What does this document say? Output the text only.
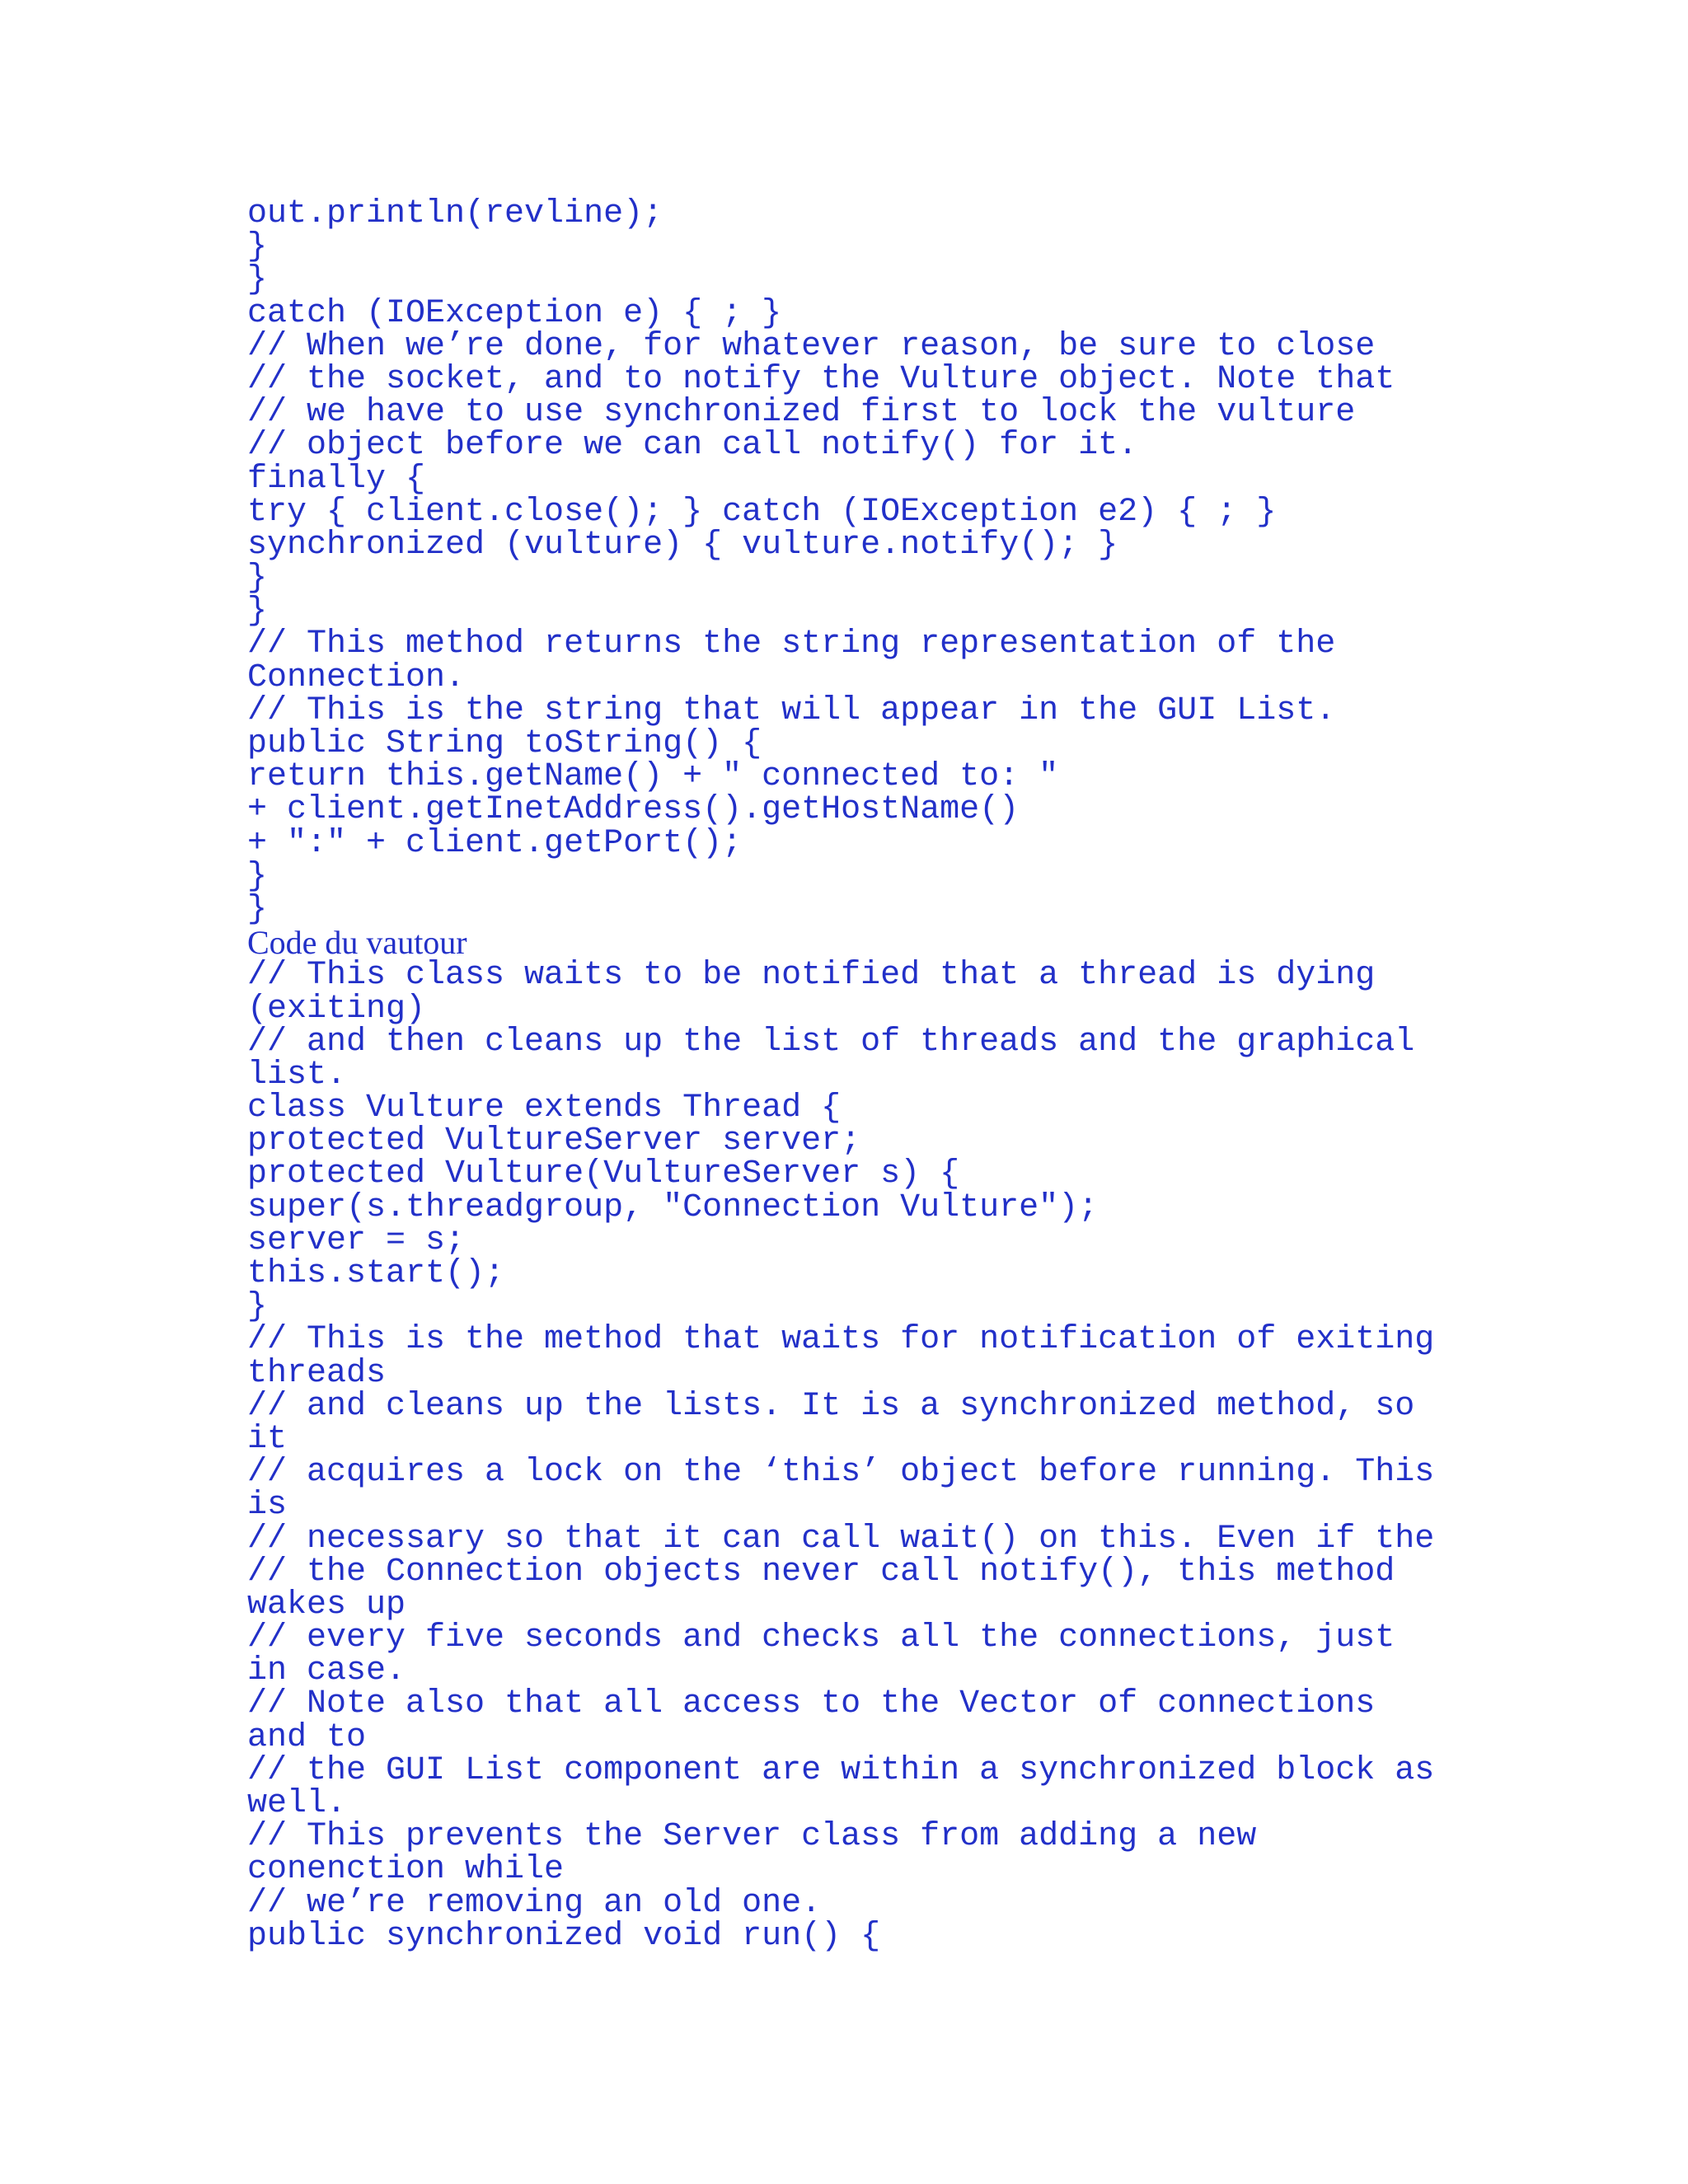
out.println(revline);
}
}
catch (IOException e) { ; }
// When we’re done, for whatever reason, be sure to close
// the socket, and to notify the Vulture object. Note that
// we have to use synchronized first to lock the vulture
// object before we can call notify() for it.
finally {
try { client.close(); } catch (IOException e2) { ; }
synchronized (vulture) { vulture.notify(); }
}
}
// This method returns the string representation of the
Connection.
// This is the string that will appear in the GUI List.
public String toString() {
return this.getName() + " connected to: "
+ client.getInetAddress().getHostName()
+ ":" + client.getPort();
}
}
Code du vautour
// This class waits to be notified that a thread is dying
(exiting)
// and then cleans up the list of threads and the graphical
list.
class Vulture extends Thread {
protected VultureServer server;
protected Vulture(VultureServer s) {
super(s.threadgroup, "Connection Vulture");
server = s;
this.start();
}
// This is the method that waits for notification of exiting
threads
// and cleans up the lists. It is a synchronized method, so
it
// acquires a lock on the ‘this’ object before running. This
is
// necessary so that it can call wait() on this. Even if the
// the Connection objects never call notify(), this method
wakes up
// every five seconds and checks all the connections, just
in case.
// Note also that all access to the Vector of connections
and to
// the GUI List component are within a synchronized block as
well.
// This prevents the Server class from adding a new
conenction while
// we’re removing an old one.
public synchronized void run() {
